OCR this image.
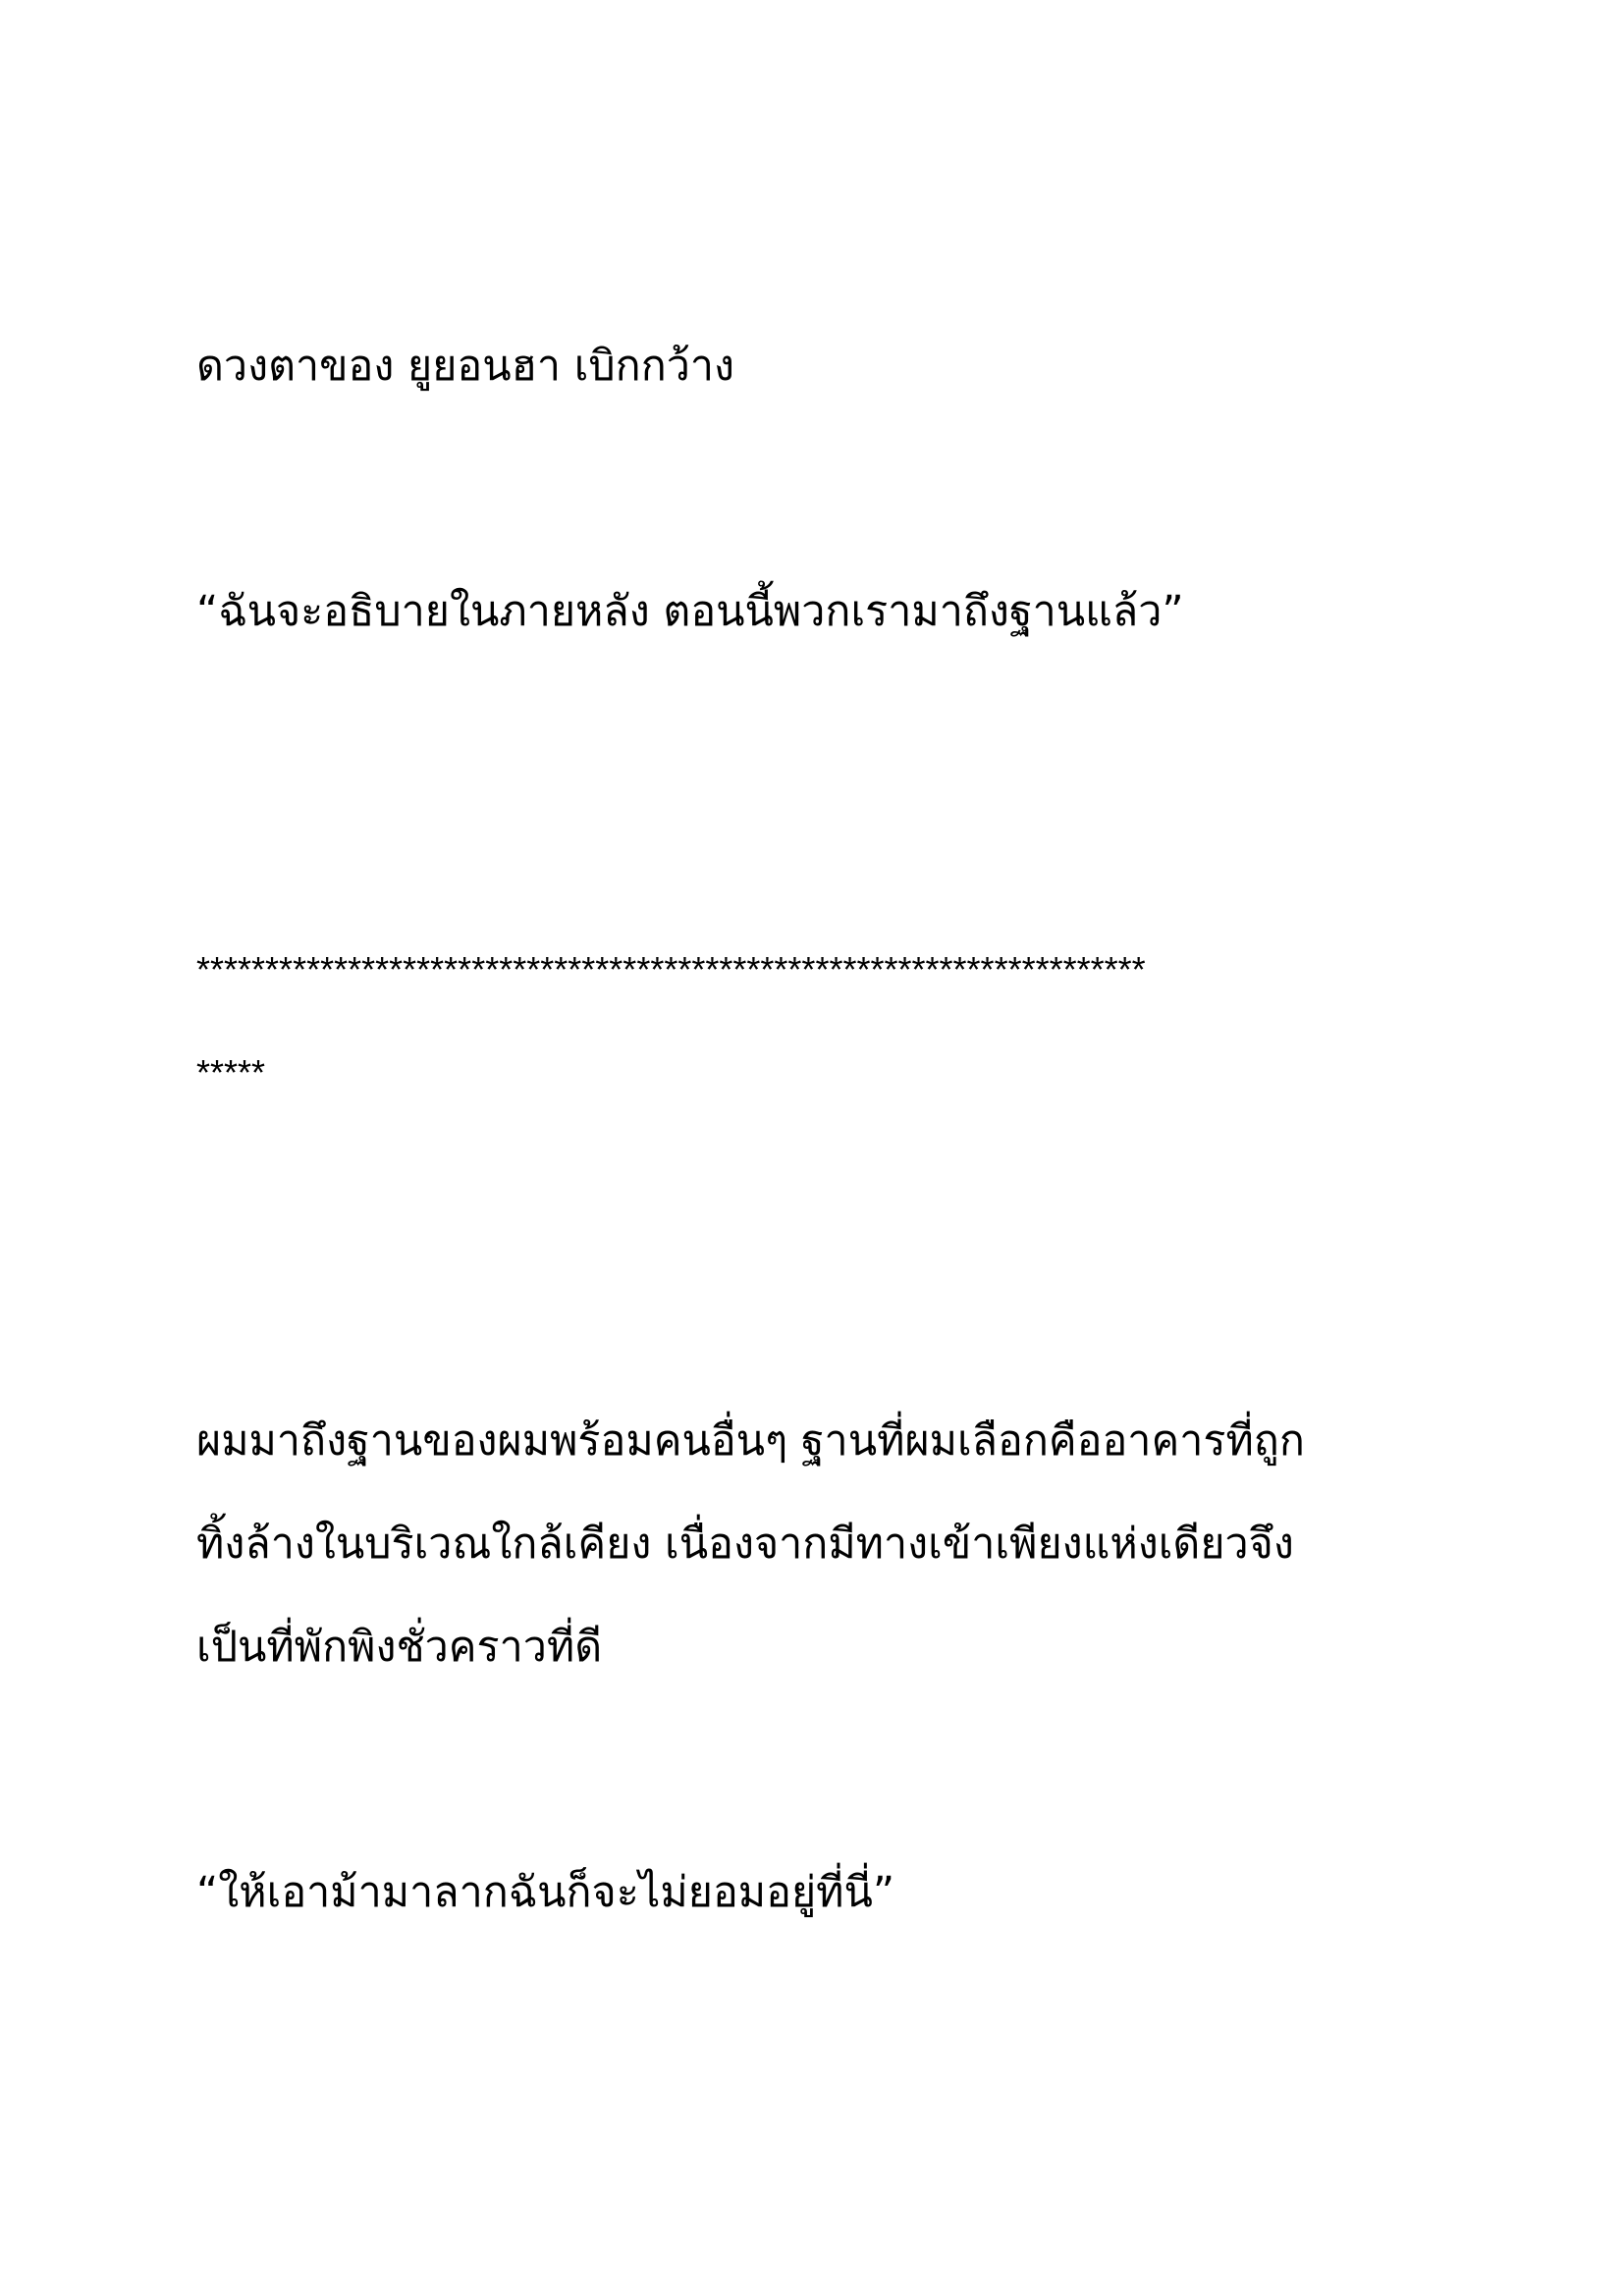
ดวงตาของ ยูยอนฮา เบิกกว้าง
“ฉันจะอธิบายในภายหลัง ตอนนี้พวกเรามาถึงฐานแล้ว”
*********************************************************************
*****
ผมมาถึงฐานของผมพร้อมคนอื่นๆ ฐานที่ผมเลือกคืออาคารที่ถูก
ทิ้งล้างในบริเวณใกล้เคียง เนื่องจากมีทางเข้าเพียงแห่งเดียวจึง
เป็นที่พักพิงชั่วคราวที่ดี
“ให้เอาม้ามาลากฉันก็จะไม่ยอมอยู่ที่นี่”
